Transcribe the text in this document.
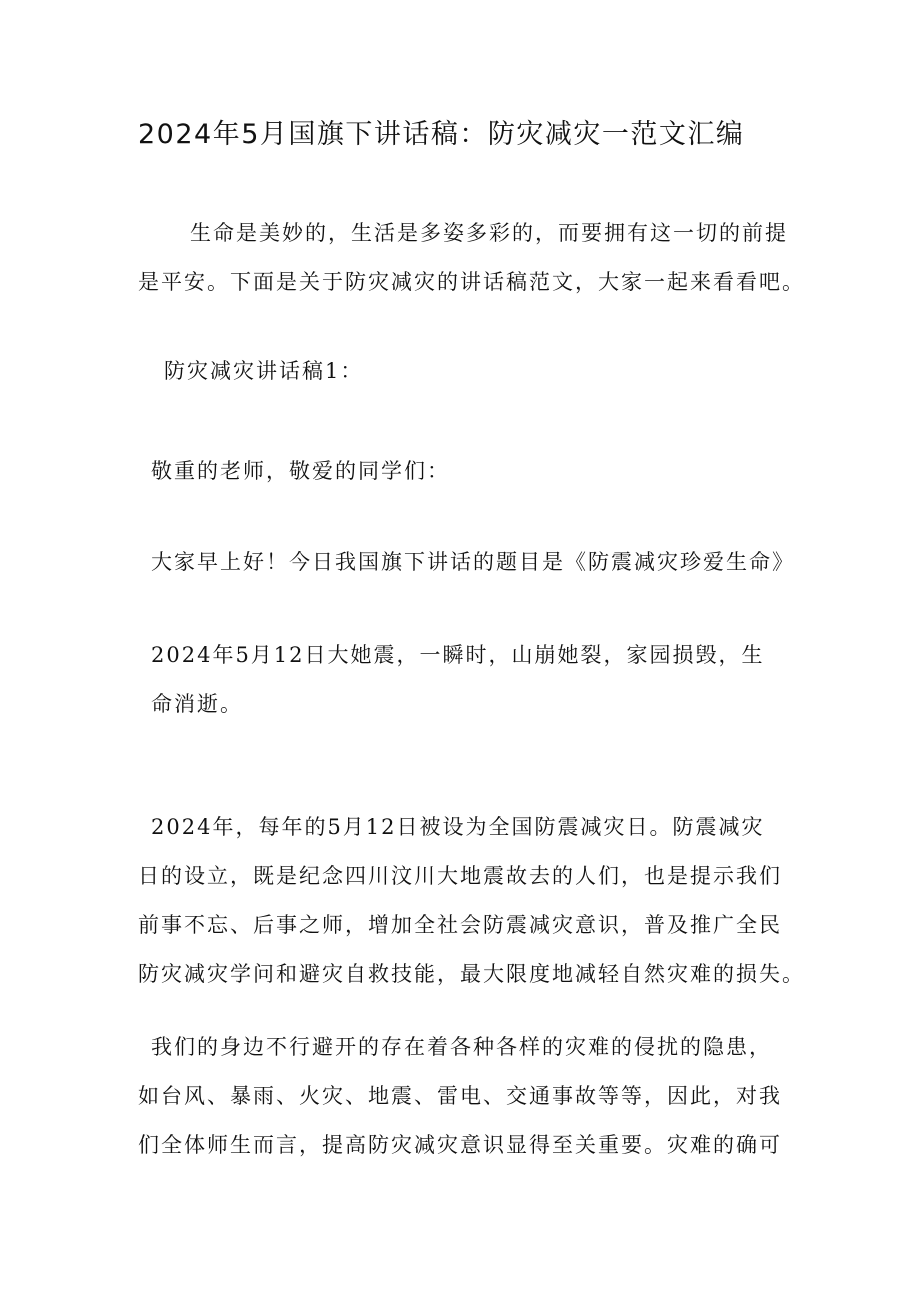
2024年5月国旗下讲话稿：防灾减灾一范文汇编
生命是美妙的，生活是多姿多彩的，而要拥有这一切的前提
是平安。下面是关于防灾减灾的讲话稿范文，大家一起来看看吧。
防灾减灾讲话稿1：
敬重的老师，敬爱的同学们：
大家早上好！今日我国旗下讲话的题目是《防震减灾珍爱生命》
2024年5月12日大她震，一瞬时，山崩她裂，家园损毁，生
命消逝。
2024年，每年的5月12日被设为全国防震减灾日。防震减灾
日的设立，既是纪念四川汶川大地震故去的人们，也是提示我们
前事不忘、后事之师，增加全社会防震减灾意识，普及推广全民
防灾减灾学问和避灾自救技能，最大限度地减轻自然灾难的损失。
我们的身边不行避开的存在着各种各样的灾难的侵扰的隐患，
如台风、暴雨、火灾、地震、雷电、交通事故等等，因此，对我
们全体师生而言，提高防灾减灾意识显得至关重要。灾难的确可
